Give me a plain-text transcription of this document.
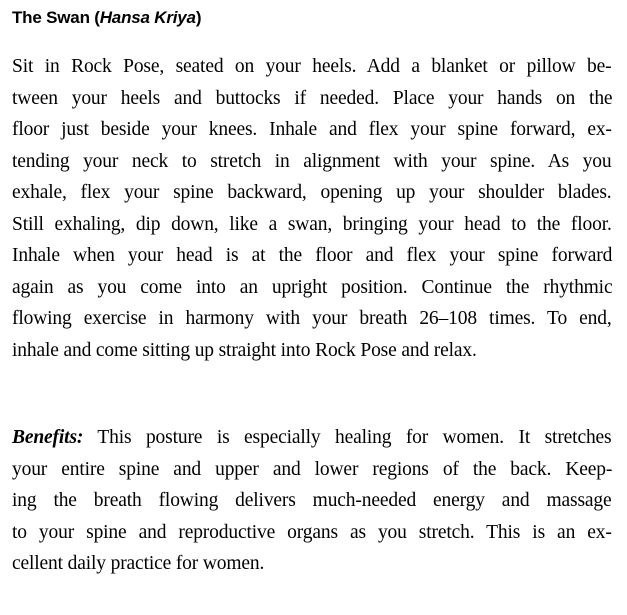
The Swan (Hansa Kriya)
Sit in Rock Pose, seated on your heels. Add a blanket or pillow be-
tween your heels and buttocks if needed. Place your hands on the
floor just beside your knees. Inhale and flex your spine forward, ex-
tending your neck to stretch in alignment with your spine. As you
exhale, flex your spine backward, opening up your shoulder blades.
Still exhaling, dip down, like a swan, bringing your head to the floor.
Inhale when your head is at the floor and flex your spine forward
again as you come into an upright position. Continue the rhythmic
flowing exercise in harmony with your breath 26–108 times. To end,
inhale and come sitting up straight into Rock Pose and relax.
Benefits: This posture is especially healing for women. It stretches
your entire spine and upper and lower regions of the back. Keep-
ing the breath flowing delivers much-needed energy and massage
to your spine and reproductive organs as you stretch. This is an ex-
cellent daily practice for women.
